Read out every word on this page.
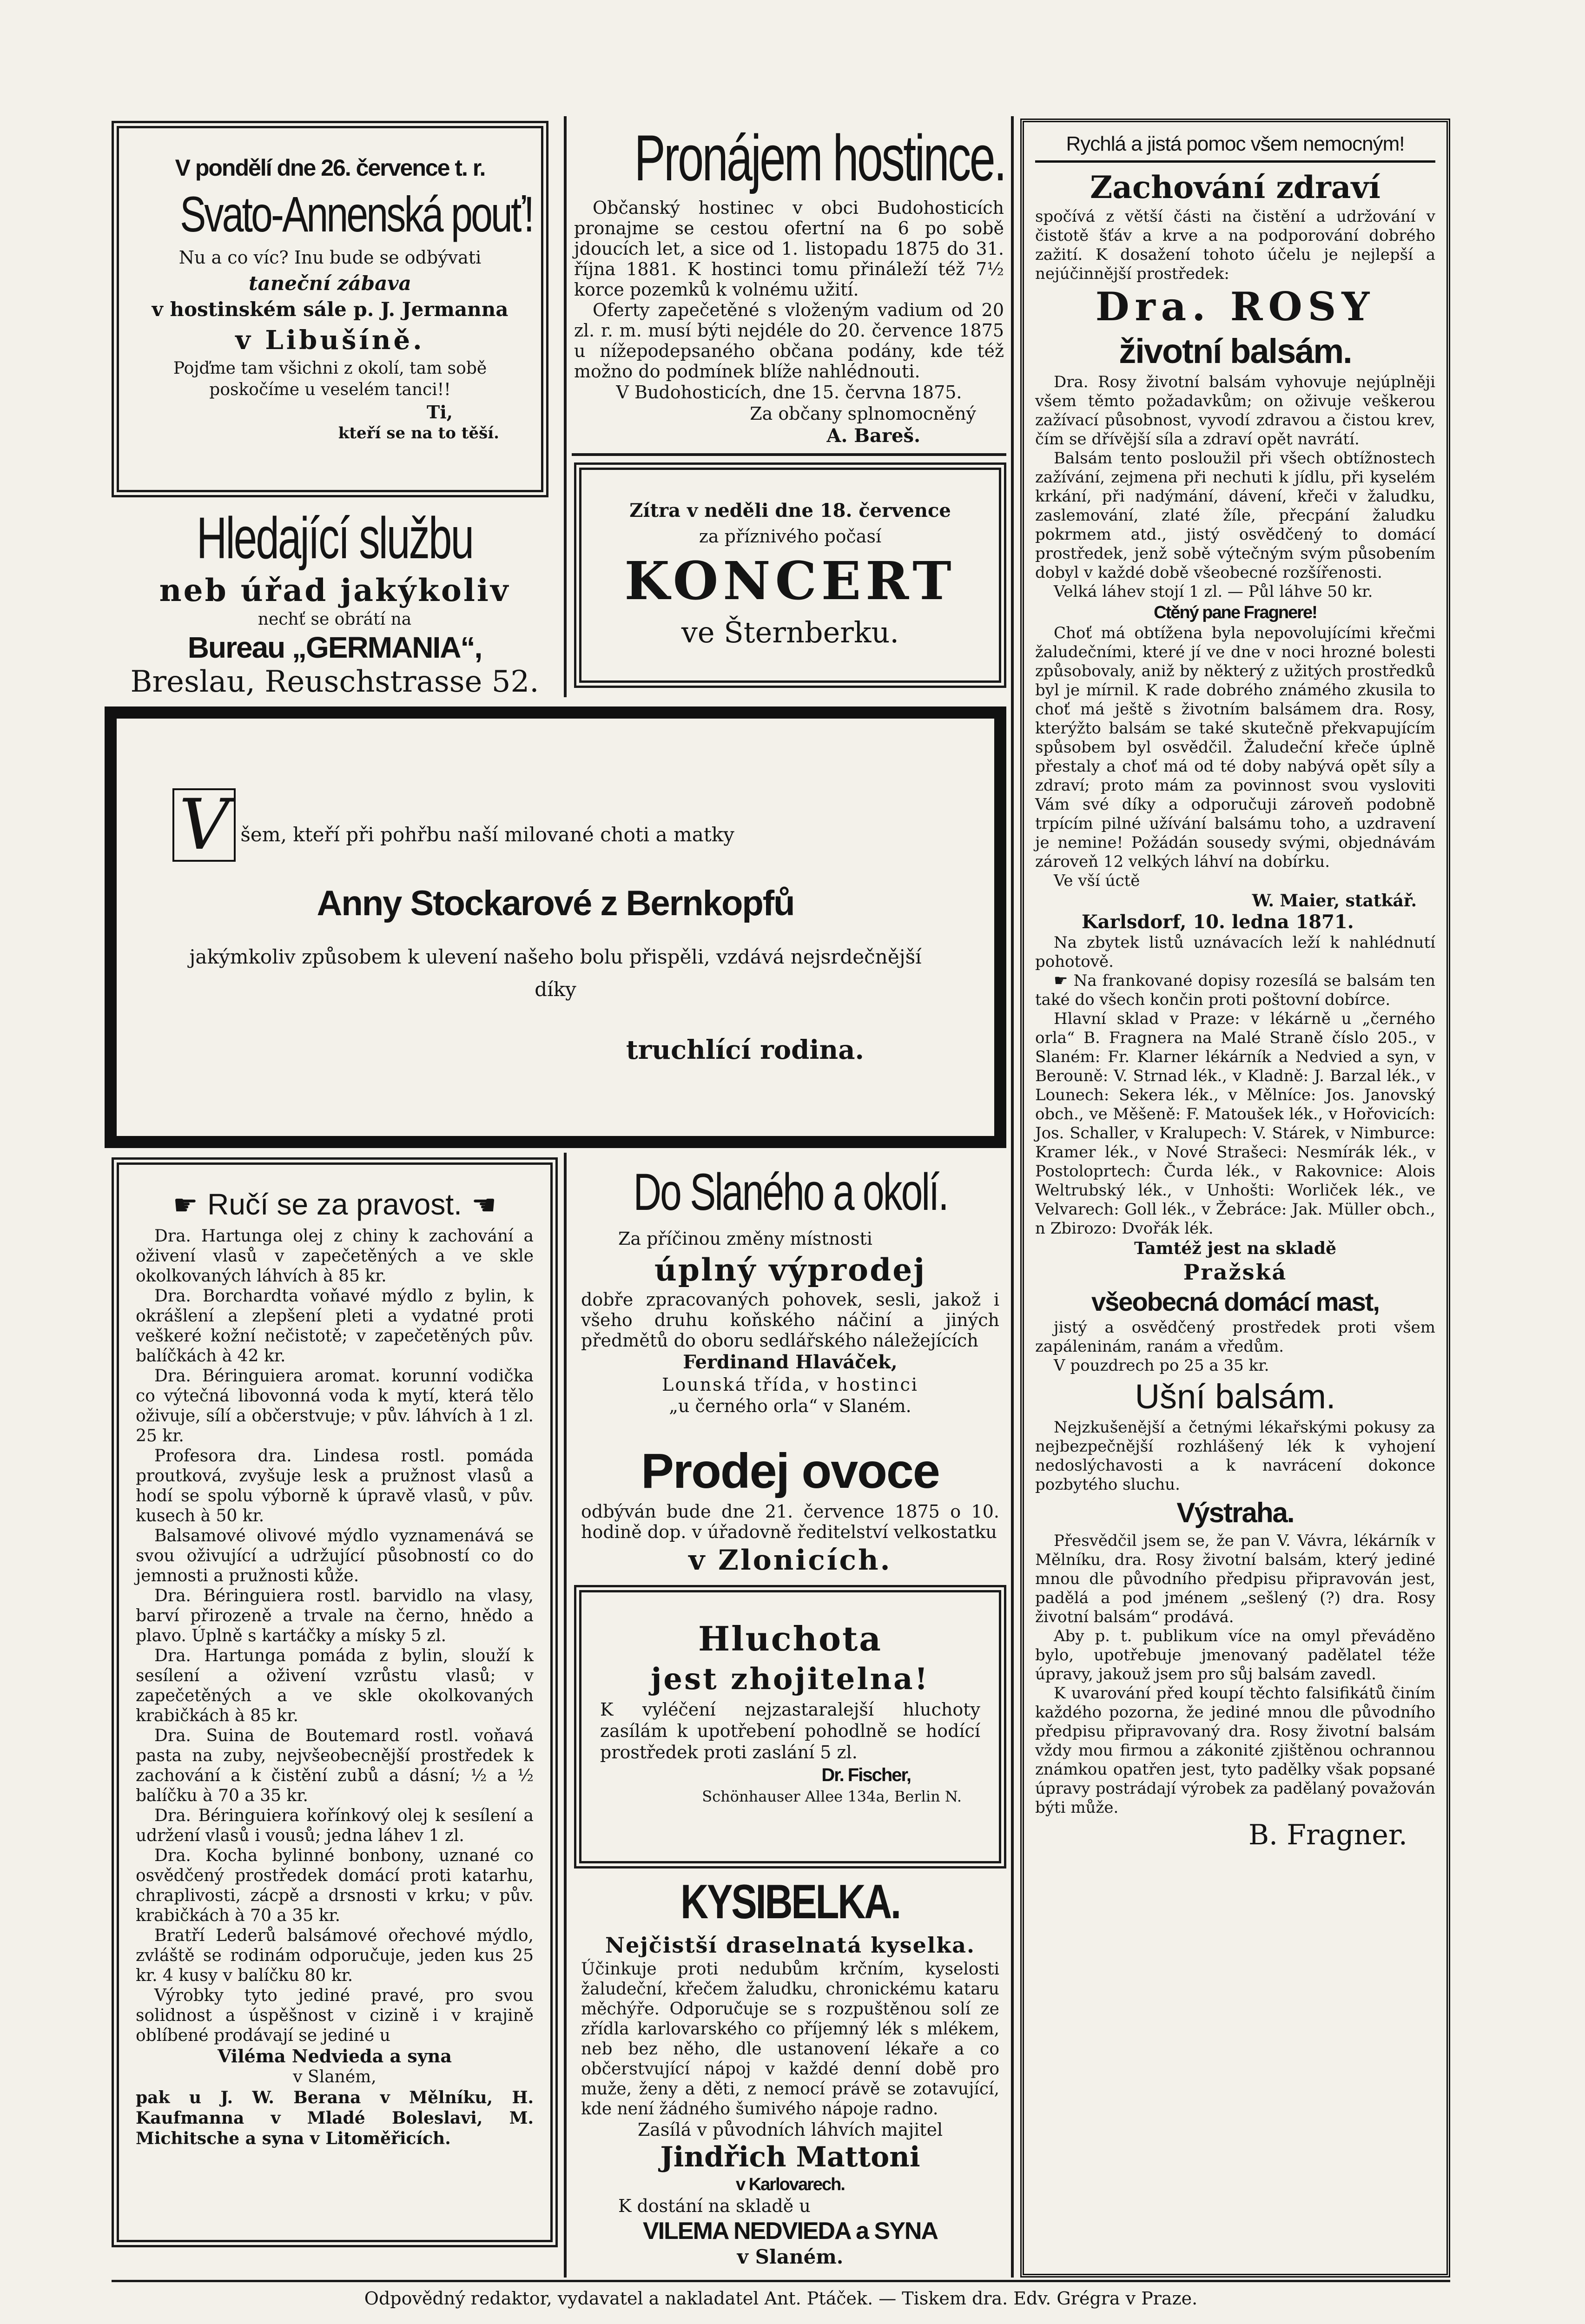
V pondělí dne 26. července t. r.
Svato-Annenská pouť!
Nu a co víc? Inu bude se odbývati
taneční zábava
v hostinském sále p. J. Jermanna
v Libušíně.
Pojďme tam všichni z okolí, tam sobě poskočíme u veselém tanci!!
Ti,
kteří se na to těší.
Hledající službu
neb úřad jakýkoliv
nechť se obrátí na
Bureau „GERMANIA“,
Breslau, Reuschstrasse 52.
Pronájem hostince.

Občanský hostinec v obci Budohosticích pronajme se cestou ofertní na 6 po sobě jdoucích let, a sice od 1. listopadu 1875 do 31. října 1881. K hostinci tomu přináleží též 7½ korce pozemků k volnému užití.

Oferty zapečetěné s vloženým vadium od 20 zl. r. m. musí býti nejdéle do 20. července 1875 u nížepodepsaného občana podány, kde též možno do podmínek blíže nahlédnouti.

V Budohosticích, dne 15. června 1875.
Za občany splnomocněný
A. Bareš.
Zítra v neděli dne 18. července
za příznivého počasí
KONCERT
ve Šternberku.
V šem, kteří při pohřbu naší milované choti a matky
Anny Stockarové z Bernkopfů
jakýmkoliv způsobem k ulevení našeho bolu přispěli, vzdává nejsrdečnější díky
truchlící rodina.
☛ Ručí se za pravost. ☚

Dra. Hartunga olej z chiny k zachování a oživení vlasů v zapečetěných a ve skle okolkovaných láhvích à 85 kr.

Dra. Borchardta voňavé mýdlo z bylin, k okrášlení a zlepšení pleti a vydatné proti veškeré kožní nečistotě; v zapečetěných pův. balíčkách à 42 kr.

Dra. Béringuiera aromat. korunní vodička co výtečná libovonná voda k mytí, která tělo oživuje, sílí a občerstvuje; v pův. láhvích à 1 zl. 25 kr.

Profesora dra. Lindesa rostl. pomáda proutková, zvyšuje lesk a pružnost vlasů a hodí se spolu výborně k úpravě vlasů, v pův. kusech à 50 kr.

Balsamové olivové mýdlo vyznamenává se svou oživující a udržující působností co do jemnosti a pružnosti kůže.

Dra. Béringuiera rostl. barvidlo na vlasy, barví přirozeně a trvale na černo, hnědo a plavo. Úplně s kartáčky a mísky 5 zl.

Dra. Hartunga pomáda z bylin, slouží k sesílení a oživení vzrůstu vlasů; v zapečetěných a ve skle okolkovaných krabičkách à 85 kr.

Dra. Suina de Boutemard rostl. voňavá pasta na zuby, nejvšeobecnější prostředek k zachování a k čistění zubů a dásní; ½ a ½ balíčku à 70 a 35 kr.

Dra. Béringuiera kořínkový olej k sesílení a udržení vlasů i vousů; jedna láhev 1 zl.

Dra. Kocha bylinné bonbony, uznané co osvědčený prostředek domácí proti katarhu, chraplivosti, zácpě a drsnosti v krku; v pův. krabičkách à 70 a 35 kr.

Bratří Lederů balsámové ořechové mýdlo, zvláště se rodinám odporučuje, jeden kus 25 kr. 4 kusy v balíčku 80 kr.

Výrobky tyto jediné pravé, pro svou solidnost a úspěšnost v cizině i v krajině oblíbené prodávají se jediné u

Viléma Nedvieda a syna
v Slaném,
pak u J. W. Berana v Mělníku, H. Kaufmanna v Mladé Boleslavi, M. Michitsche a syna v Litoměřicích.
Do Slaného a okolí.
Za příčinou změny místnosti
úplný výprodej
dobře zpracovaných pohovek, sesli, jakož i všeho druhu koňského náčiní a jiných předmětů do oboru sedlářského náležejících
Ferdinand Hlaváček,
Lounská třída, v hostinci
„u černého orla“ v Slaném.
Prodej ovoce
odbýván bude dne 21. července 1875 o 10. hodině dop. v úřadovně ředitelství velkostatku
v Zlonicích.
Hluchota
jest zhojitelna!
K vyléčení nejzastaralejší hluchoty zasílám k upotřebení pohodlně se hodící prostředek proti zaslání 5 zl.
Dr. Fischer,
Schönhauser Allee 134a, Berlin N.
KYSIBELKA.
Nejčistší draselnatá kyselka.
Účinkuje proti nedubům krčním, kyselosti žaludeční, křečem žaludku, chronickému kataru měchýře. Odporučuje se s rozpuštěnou solí ze zřídla karlovarského co příjemný lék s mlékem, neb bez něho, dle ustanovení lékaře a co občerstvující nápoj v každé denní době pro muže, ženy a děti, z nemocí právě se zotavující, kde není žádného šumivého nápoje radno.
Zasílá v původních láhvích majitel
Jindřich Mattoni
v Karlovarech.
K dostání na skladě u
VILEMA NEDVIEDA a SYNA
v Slaném.
Rychlá a jistá pomoc všem nemocným!
Zachování zdraví
spočívá z větší části na čistění a udržování v čistotě šťáv a krve a na podporování dobrého zažití. K dosažení tohoto účelu je nejlepší a nejúčinnější prostředek:
Dra. ROSY
životní balsám.

Dra. Rosy životní balsám vyhovuje nejúplněji všem těmto požadavkům; on oživuje veškerou zažívací působnost, vyvodí zdravou a čistou krev, čím se dřívější síla a zdraví opět navrátí.

Balsám tento posloužil při všech obtížnostech zažívání, zejmena při nechuti k jídlu, při kyselém krkání, při nadýmání, dávení, křeči v žaludku, zaslemování, zlaté žíle, přecpání žaludku pokrmem atd., jistý osvědčený to domácí prostředek, jenž sobě výtečným svým působením dobyl v každé době všeobecné rozšířenosti.

Velká láhev stojí 1 zl. — Půl láhve 50 kr.

Ctěný pane Fragnere!

Choť má obtížena byla nepovolujícími křečmi žaludečními, které jí ve dne v noci hrozné bolesti způsobovaly, aniž by některý z užitých prostředků byl je mírnil. K rade dobrého známého zkusila to choť má ještě s životním balsámem dra. Rosy, kterýžto balsám se také skutečně překvapujícím spůsobem byl osvědčil. Žaludeční křeče úplně přestaly a choť má od té doby nabývá opět síly a zdraví; proto mám za povinnost svou vysloviti Vám své díky a odporučuji zároveň podobně trpícím pilné užívání balsámu toho, a uzdravení je nemine! Požádán sousedy svými, objednávám zároveň 12 velkých láhví na dobírku.

Ve vší úctě

W. Maier, statkář.
Karlsdorf, 10. ledna 1871.

Na zbytek listů uznávacích leží k nahlédnutí pohotově.

☛ Na frankované dopisy rozesílá se balsám ten také do všech končin proti poštovní dobírce.

Hlavní sklad v Praze: v lékárně u „černého orla“ B. Fragnera na Malé Straně číslo 205., v Slaném: Fr. Klarner lékárník a Nedvied a syn, v Berouně: V. Strnad lék., v Kladně: J. Barzal lék., v Lounech: Sekera lék., v Mělníce: Jos. Janovský obch., ve Měšeně: F. Matoušek lék., v Hořovicích: Jos. Schaller, v Kralupech: V. Stárek, v Nimburce: Kramer lék., v Nové Strašeci: Nesmírák lék., v Postoloprtech: Čurda lék., v Rakovnice: Alois Weltrubský lék., v Unhošti: Worliček lék., ve Velvarech: Goll lék., v Žebráce: Jak. Müller obch., n Zbirozo: Dvořák lék.

Tamtéž jest na skladě
Pražská
všeobecná domácí mast,

jistý a osvědčený prostředek proti všem zapáleninám, ranám a vředům.

V pouzdrech po 25 a 35 kr.

Ušní balsám.

Nejzkušenější a četnými lékařskými pokusy za nejbezpečnější rozhlášený lék k vyhojení nedoslýchavosti a k navrácení dokonce pozbytého sluchu.

Výstraha.

Přesvědčil jsem se, že pan V. Vávra, lékárník v Mělníku, dra. Rosy životní balsám, který jediné mnou dle původního předpisu připravován jest, padělá a pod jménem „sešlený (?) dra. Rosy životní balsám“ prodává.

Aby p. t. publikum více na omyl převáděno bylo, upotřebuje jmenovaný padělatel téže úpravy, jakouž jsem pro sůj balsám zavedl.

K uvarování před koupí těchto falsifikátů činím každého pozorna, že jediné mnou dle původního předpisu připravovaný dra. Rosy životní balsám vždy mou firmou a zákonité zjištěnou ochrannou známkou opatřen jest, tyto padělky však popsané úpravy postrádají výrobek za padělaný považován býti může.

B. Fragner.
Odpovědný redaktor, vydavatel a nakladatel Ant. Ptáček. — Tiskem dra. Edv. Grégra v Praze.
